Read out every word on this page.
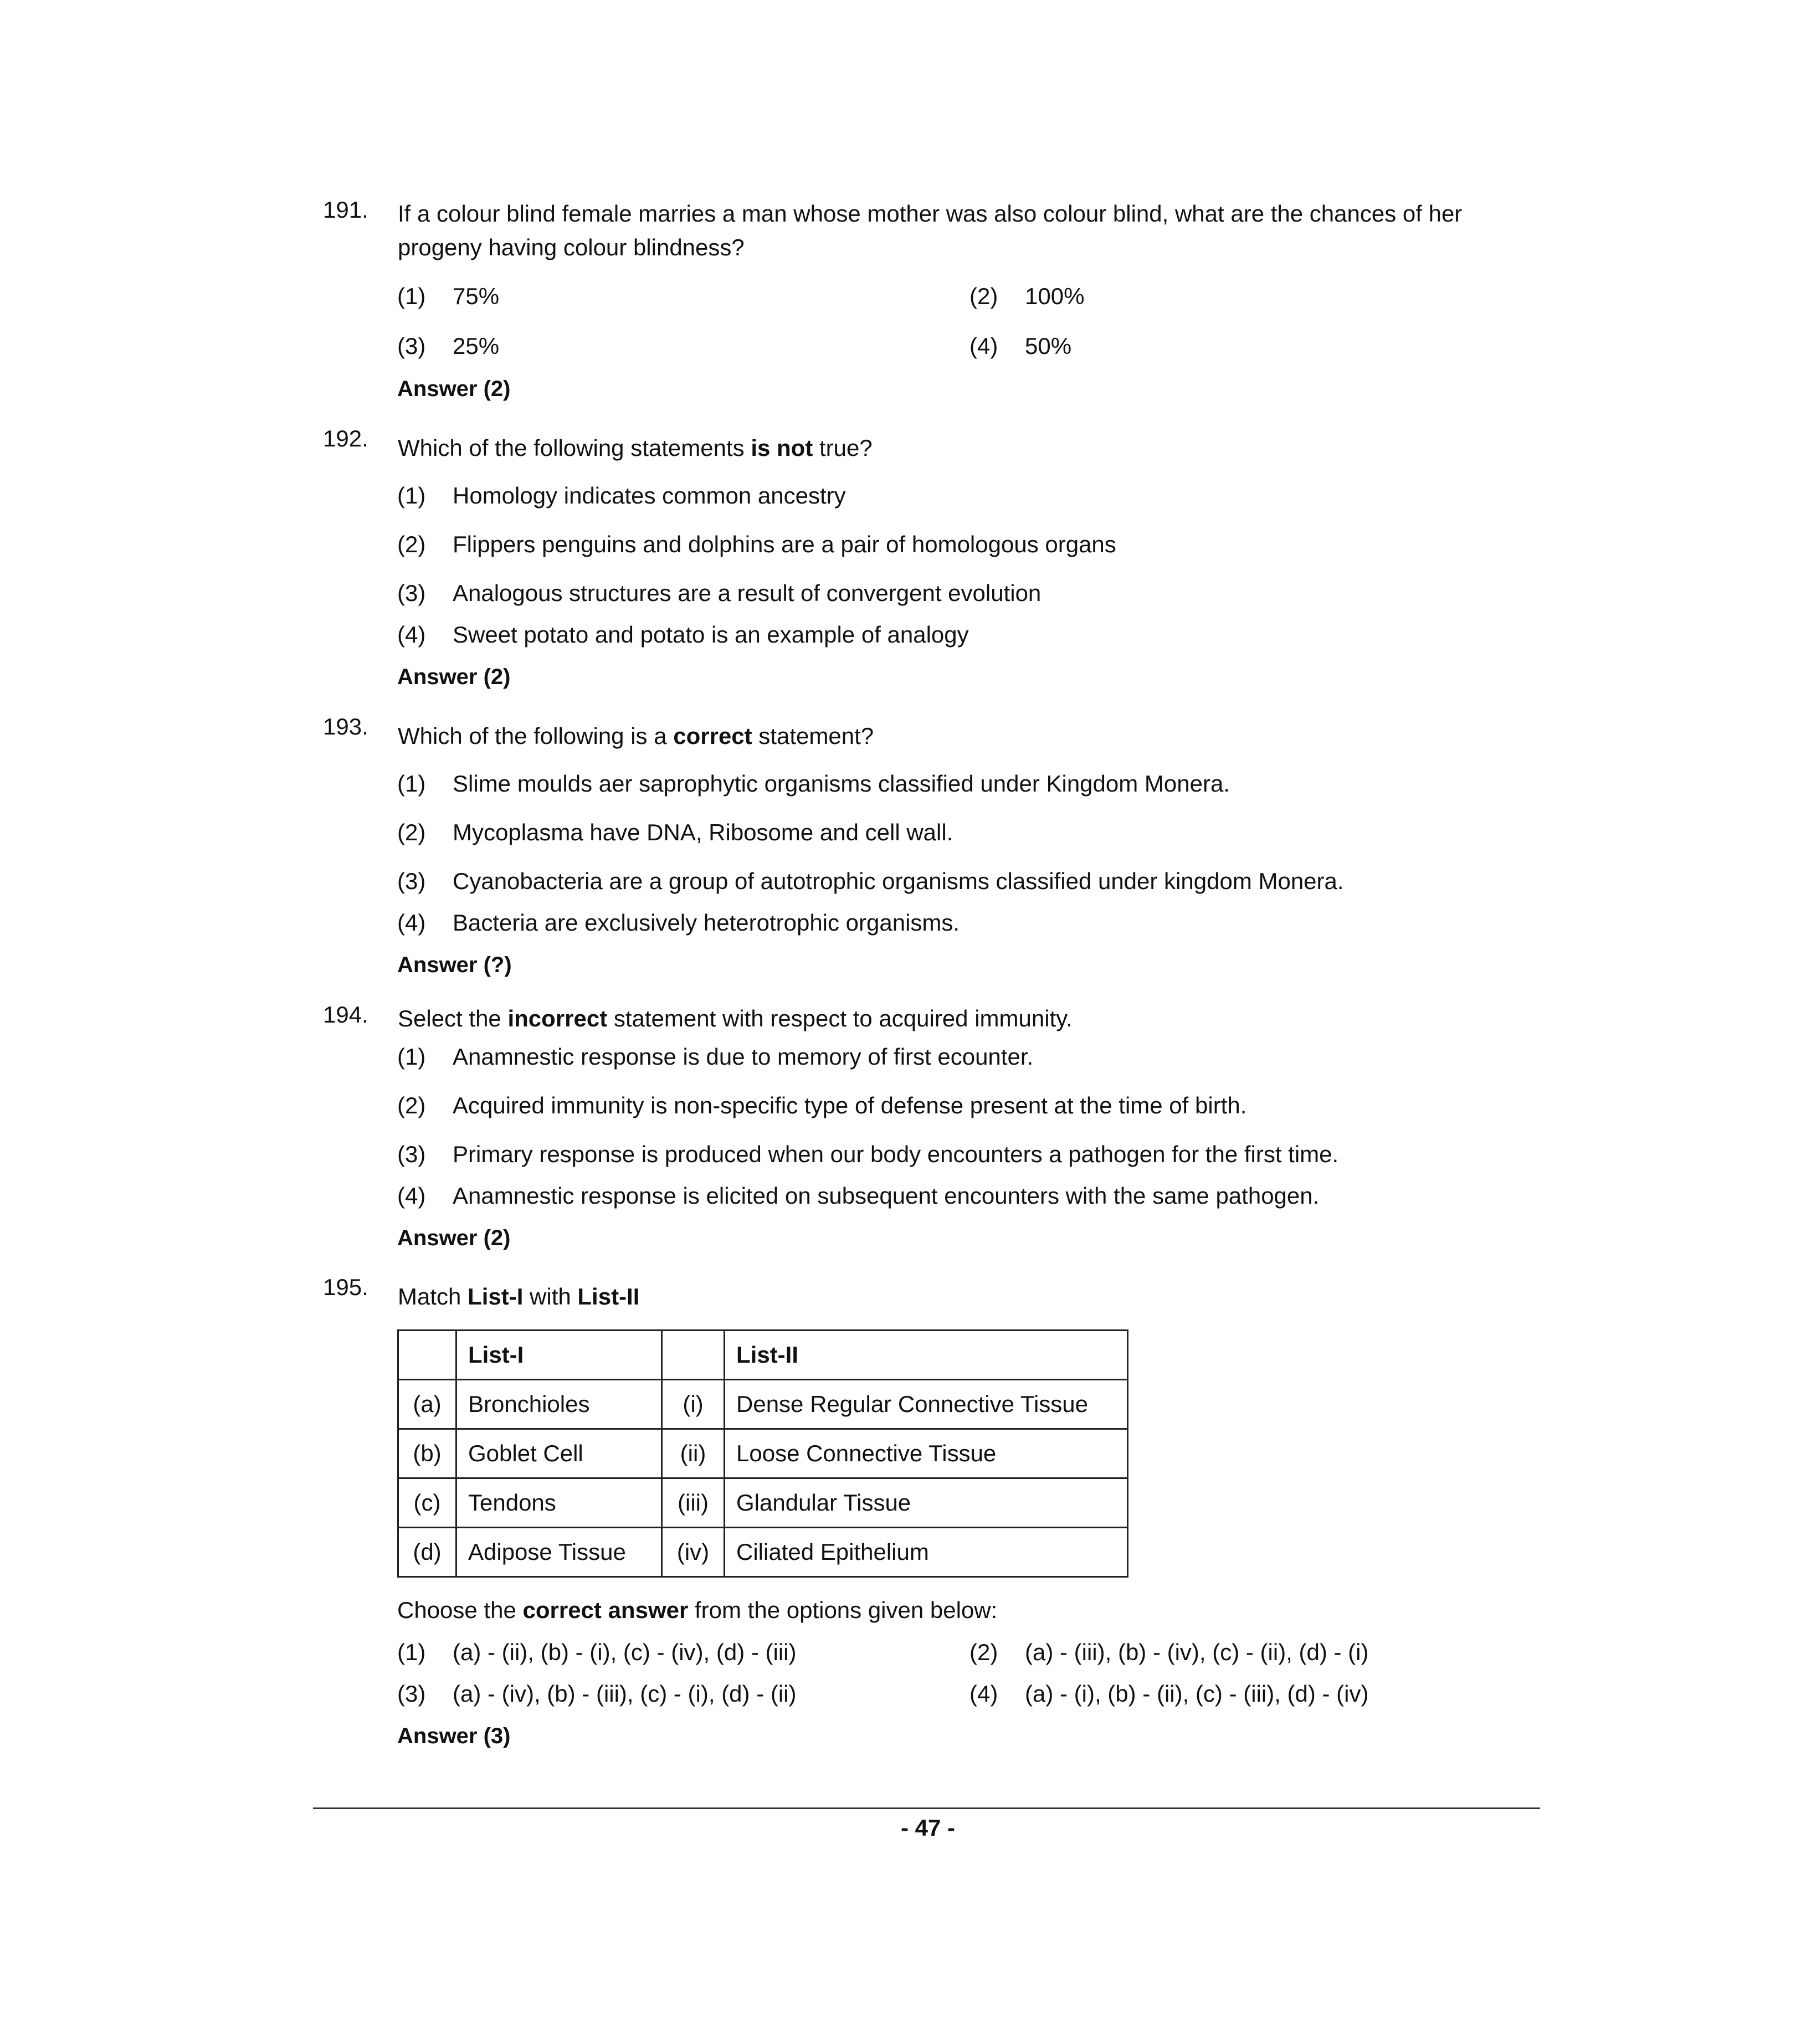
191. If a colour blind female marries a man whose mother was also colour blind, what are the chances of her progeny having colour blindness?
(1) 75%	(2) 100%
(3) 25%	(4) 50%
Answer (2)
192. Which of the following statements is not true?
(1) Homology indicates common ancestry
(2) Flippers penguins and dolphins are a pair of homologous organs
(3) Analogous structures are a result of convergent evolution
(4) Sweet potato and potato is an example of analogy
Answer (2)
193. Which of the following is a correct statement?
(1) Slime moulds aer saprophytic organisms classified under Kingdom Monera.
(2) Mycoplasma have DNA, Ribosome and cell wall.
(3) Cyanobacteria are a group of autotrophic organisms classified under kingdom Monera.
(4) Bacteria are exclusively heterotrophic organisms.
Answer (?)
194. Select the incorrect statement with respect to acquired immunity.
(1) Anamnestic response is due to memory of first ecounter.
(2) Acquired immunity is non-specific type of defense present at the time of birth.
(3) Primary response is produced when our body encounters a pathogen for the first time.
(4) Anamnestic response is elicited on subsequent encounters with the same pathogen.
Answer (2)
195. Match List-I with List-II
	List-I		List-II
(a)	Bronchioles	(i)	Dense Regular Connective Tissue
(b)	Goblet Cell	(ii)	Loose Connective Tissue
(c)	Tendons	(iii)	Glandular Tissue
(d)	Adipose Tissue	(iv)	Ciliated Epithelium
Choose the correct answer from the options given below:
(1) (a) - (ii), (b) - (i), (c) - (iv), (d) - (iii)	(2) (a) - (iii), (b) - (iv), (c) - (ii), (d) - (i)
(3) (a) - (iv), (b) - (iii), (c) - (i), (d) - (ii)	(4) (a) - (i), (b) - (ii), (c) - (iii), (d) - (iv)
Answer (3)
- 47 -
